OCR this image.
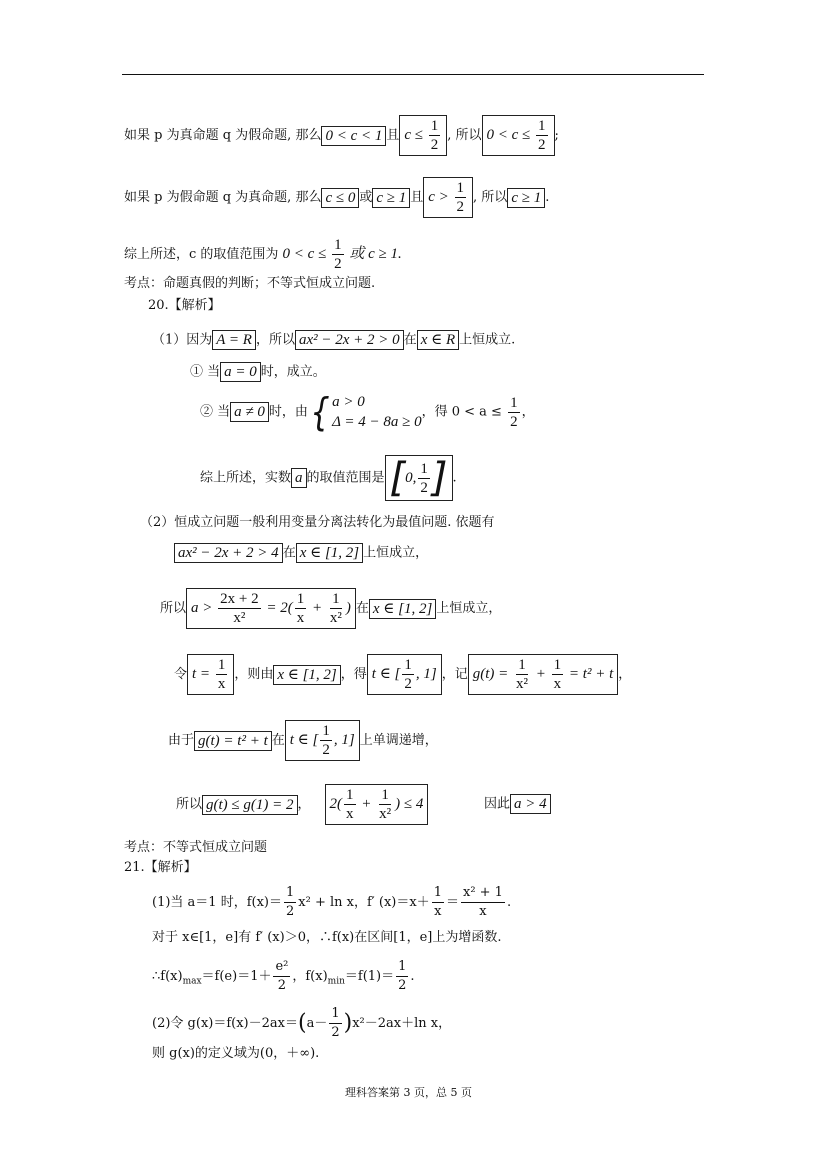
如果 p 为真命题 q 为假命题, 那么 0 < c < 1 且 $c \le \frac{1}{2}$ , 所以 $0 < c \le \frac{1}{2}$ ;
如果 p 为假命题 q 为真命题, 那么 c ≤ 0 或 c ≥ 1 且 $c > \frac{1}{2}$ , 所以 c ≥ 1 .
综上所述，c 的取值范围为 $0 < c \le \frac{1}{2}$ 或 c ≥ 1.
考点：命题真假的判断；不等式恒成立问题.
20.【解析】
（1）因为 A = R ，所以 ax² − 2x + 2 > 0 在 x ∈ R 上恒成立.
① 当 a = 0 时，成立。
② 当 a ≠ 0 时，由 { a > 0
Δ = 4 − 8a ≥ 0
，得 $0 < a \le \frac{1}{2}$ ，
综上所述，实数 a 的取值范围是 [ 0, $\frac{1}{2}$ ] .
（2）恒成立问题一般利用变量分离法转化为最值问题. 依题有
ax² − 2x + 2 > 4 在 x ∈ [1, 2] 上恒成立，
所以 $a > \frac{2x + 2}{\text{x²}} = 2( \frac{1}{x} + \frac{1}{\text{x²}}$ ) 在 x ∈ [1, 2] 上恒成立，
令 $t = \frac{1}{x}$ ，则由 x ∈ [1, 2] ，得 t ∈ [ $\frac{1}{2}$ , 1] ，记 $g(t) = \frac{1}{\text{x²}} + \frac{1}{x} = t^2 + t$ ，
由于 g(t) = t² + t 在 t ∈ [ $\frac{1}{2}$ , 1] 上单调递增，
所以 g(t) ≤ g(1) = 2 ， $2( \frac{1}{x} + \frac{1}{\text{x²}}$ ) ≤ 4	因此 a > 4
考点：不等式恒成立问题
21.【解析】
(1)当 a＝1 时，$f(x)= \frac{1}{2} x^2 + \ln x$，f′ $(x)=x+ \frac{1}{x} = \frac{\text{x² + 1}}{x}$ .
对于 x∈[1，e]有 f′ (x)＞0，∴f(x)在区间[1，e]上为增函数.
$\therefore f(x)_{max}=f(e)=1+ \frac{\text{e²}}{2}$ ，$f(x)_{min}=f(1)= \frac{1}{2}$ .
(2)令 $g(x)=f(x)-2ax=(a- \frac{1}{2} )x^2-2ax+\ln$ x，
则 g(x)的定义域为(0，＋∞).
理科答案第 3 页，总 5 页
